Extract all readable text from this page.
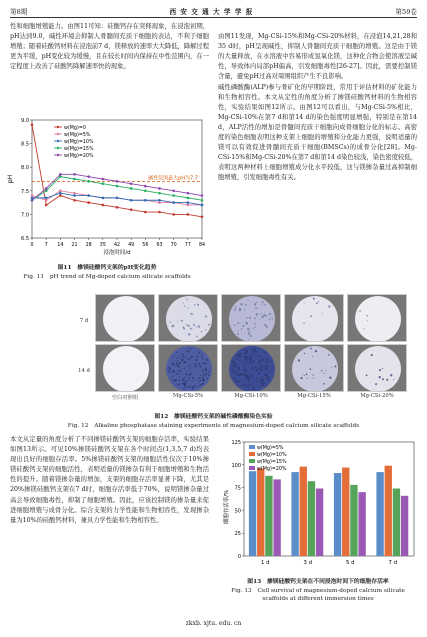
第8期	西 安 交 通 大 学 学 报	第59卷

性和细胞增殖能力。由图11可知：硅酸钙存在突释现象，在浸泡初期，pH达到9.0，碱性环境会抑制人骨髓间充质干细胞的表达，不利于细胞增殖；随着硅酸钙材料在浸泡前7 d，镁释放的速率大大降低，降解过程更为平缓，pH变化较为缓慢，且在较长时间内保持在中性范围内，在一定程度上改善了硅酸钙降解速率快的现象。

由图11发现，Mg-CSi-15%和Mg-CSi-20%材料，在浸泡14,21,28和35 d时，pH呈现碱性，抑制人骨髓间充质干细胞的增殖。这是由于镁的大量释放，在水溶液中容易形成氢氧化镁，这种化合物会使溶液呈碱性，导致体内局部pH偏高，引发细胞毒性[26-27]。因此，需要控制镁含量，避免pH过高对周围组织产生不良影响。
碱性磷酸酶(ALP)参与骨矿化的早期阶段，常用于评估材料的矿化能力和生物相容性。本文从定性的角度分析了掺镁硅酸钙材料的生物相容性，实验结果如图12所示。由图12可以看出，与Mg-CSi-5%相比，Mg-CSi-10%在第7 d和第14 d的染色强度明显增强，特别是在第14 d，ALP活性的增加是骨髓间充质干细胞向成骨细胞分化的标志。高密度的染色细胞表明这种支架上细胞的增殖和分化能力更强，说明适量的镁可以有效促进骨髓间充质干细胞(BMSCs)的成骨分化[28]。Mg-CSi-15%和Mg-CSi-20%在第7 d和第14 d染色较浅，染色密度较低，表明这两种材料上细胞增殖成分化水平较低，这与镁掺杂量过高抑制细胞增殖，引发细胞毒性有关。

6.5
7.0
7.5
8.0
8.5
9.0
0 7 14 21 28 35 42 49 56 63 70 77 84
浸泡时间/d
pH	碱性范围最大pH为7.7
w(Mg)=0
w(Mg)=5%
w(Mg)=10%
w(Mg)=15%
w(Mg)=20%
图11　掺镁硅酸钙支架的pH变化趋势
Fig. 11　pH trend of Mg-doped calcium silicate scaffolds
7 d
14 d
空白对照组	Mg-CSi-5%	Mg-CSi-10%	Mg-CSi-15%	Mg-CSi-20%
图12　掺镁硅酸钙支架的碱性磷酸酶染色实验
Fig. 12　Alkaline phosphatase staining experiments of magnesium-doped calcium silicate scaffolds

本文从定量的角度分析了不同掺镁硅酸钙支架的细胞存活率，实验结果如图13所示。可见10%掺镁硅酸钙支架在各个时间点(1,3,5,7 d)均表现出良好的细胞存活率。5%掺镁硅酸钙支架的细胞活性仅次于10%掺镁硅酸钙支架的细胞活性，表明适量的镁掺杂有利于细胞增殖和生物活性的提升。随着镁掺杂量的增加，支架的细胞存活率显著下降，尤其是20%掺镁硅酸钙支架在7 d时，细胞存活率低于70%，说明镁掺杂量过高会导致细胞毒性，抑制了细胞增殖。因此，应该控制镁的掺杂量来促进细胞增殖与成骨分化。综合支架的力学性能和生物相容性，发现掺杂量为10%的硅酸钙材料，兼具力学性能和生物相容性。

0
25
50
75
100
125
细胞存活率/%
1 d	3 d	5 d	7 d
w(Mg)=5%
w(Mg)=10%
w(Mg)=15%
w(Mg)=20%
图13　掺镁硅酸钙支架在不同浸泡时间下的细胞存活率
Fig. 13　Cell survival of magnesium-doped calcium silicate scaffolds at different immersion times
zkxb. xjtu. edu. cn
